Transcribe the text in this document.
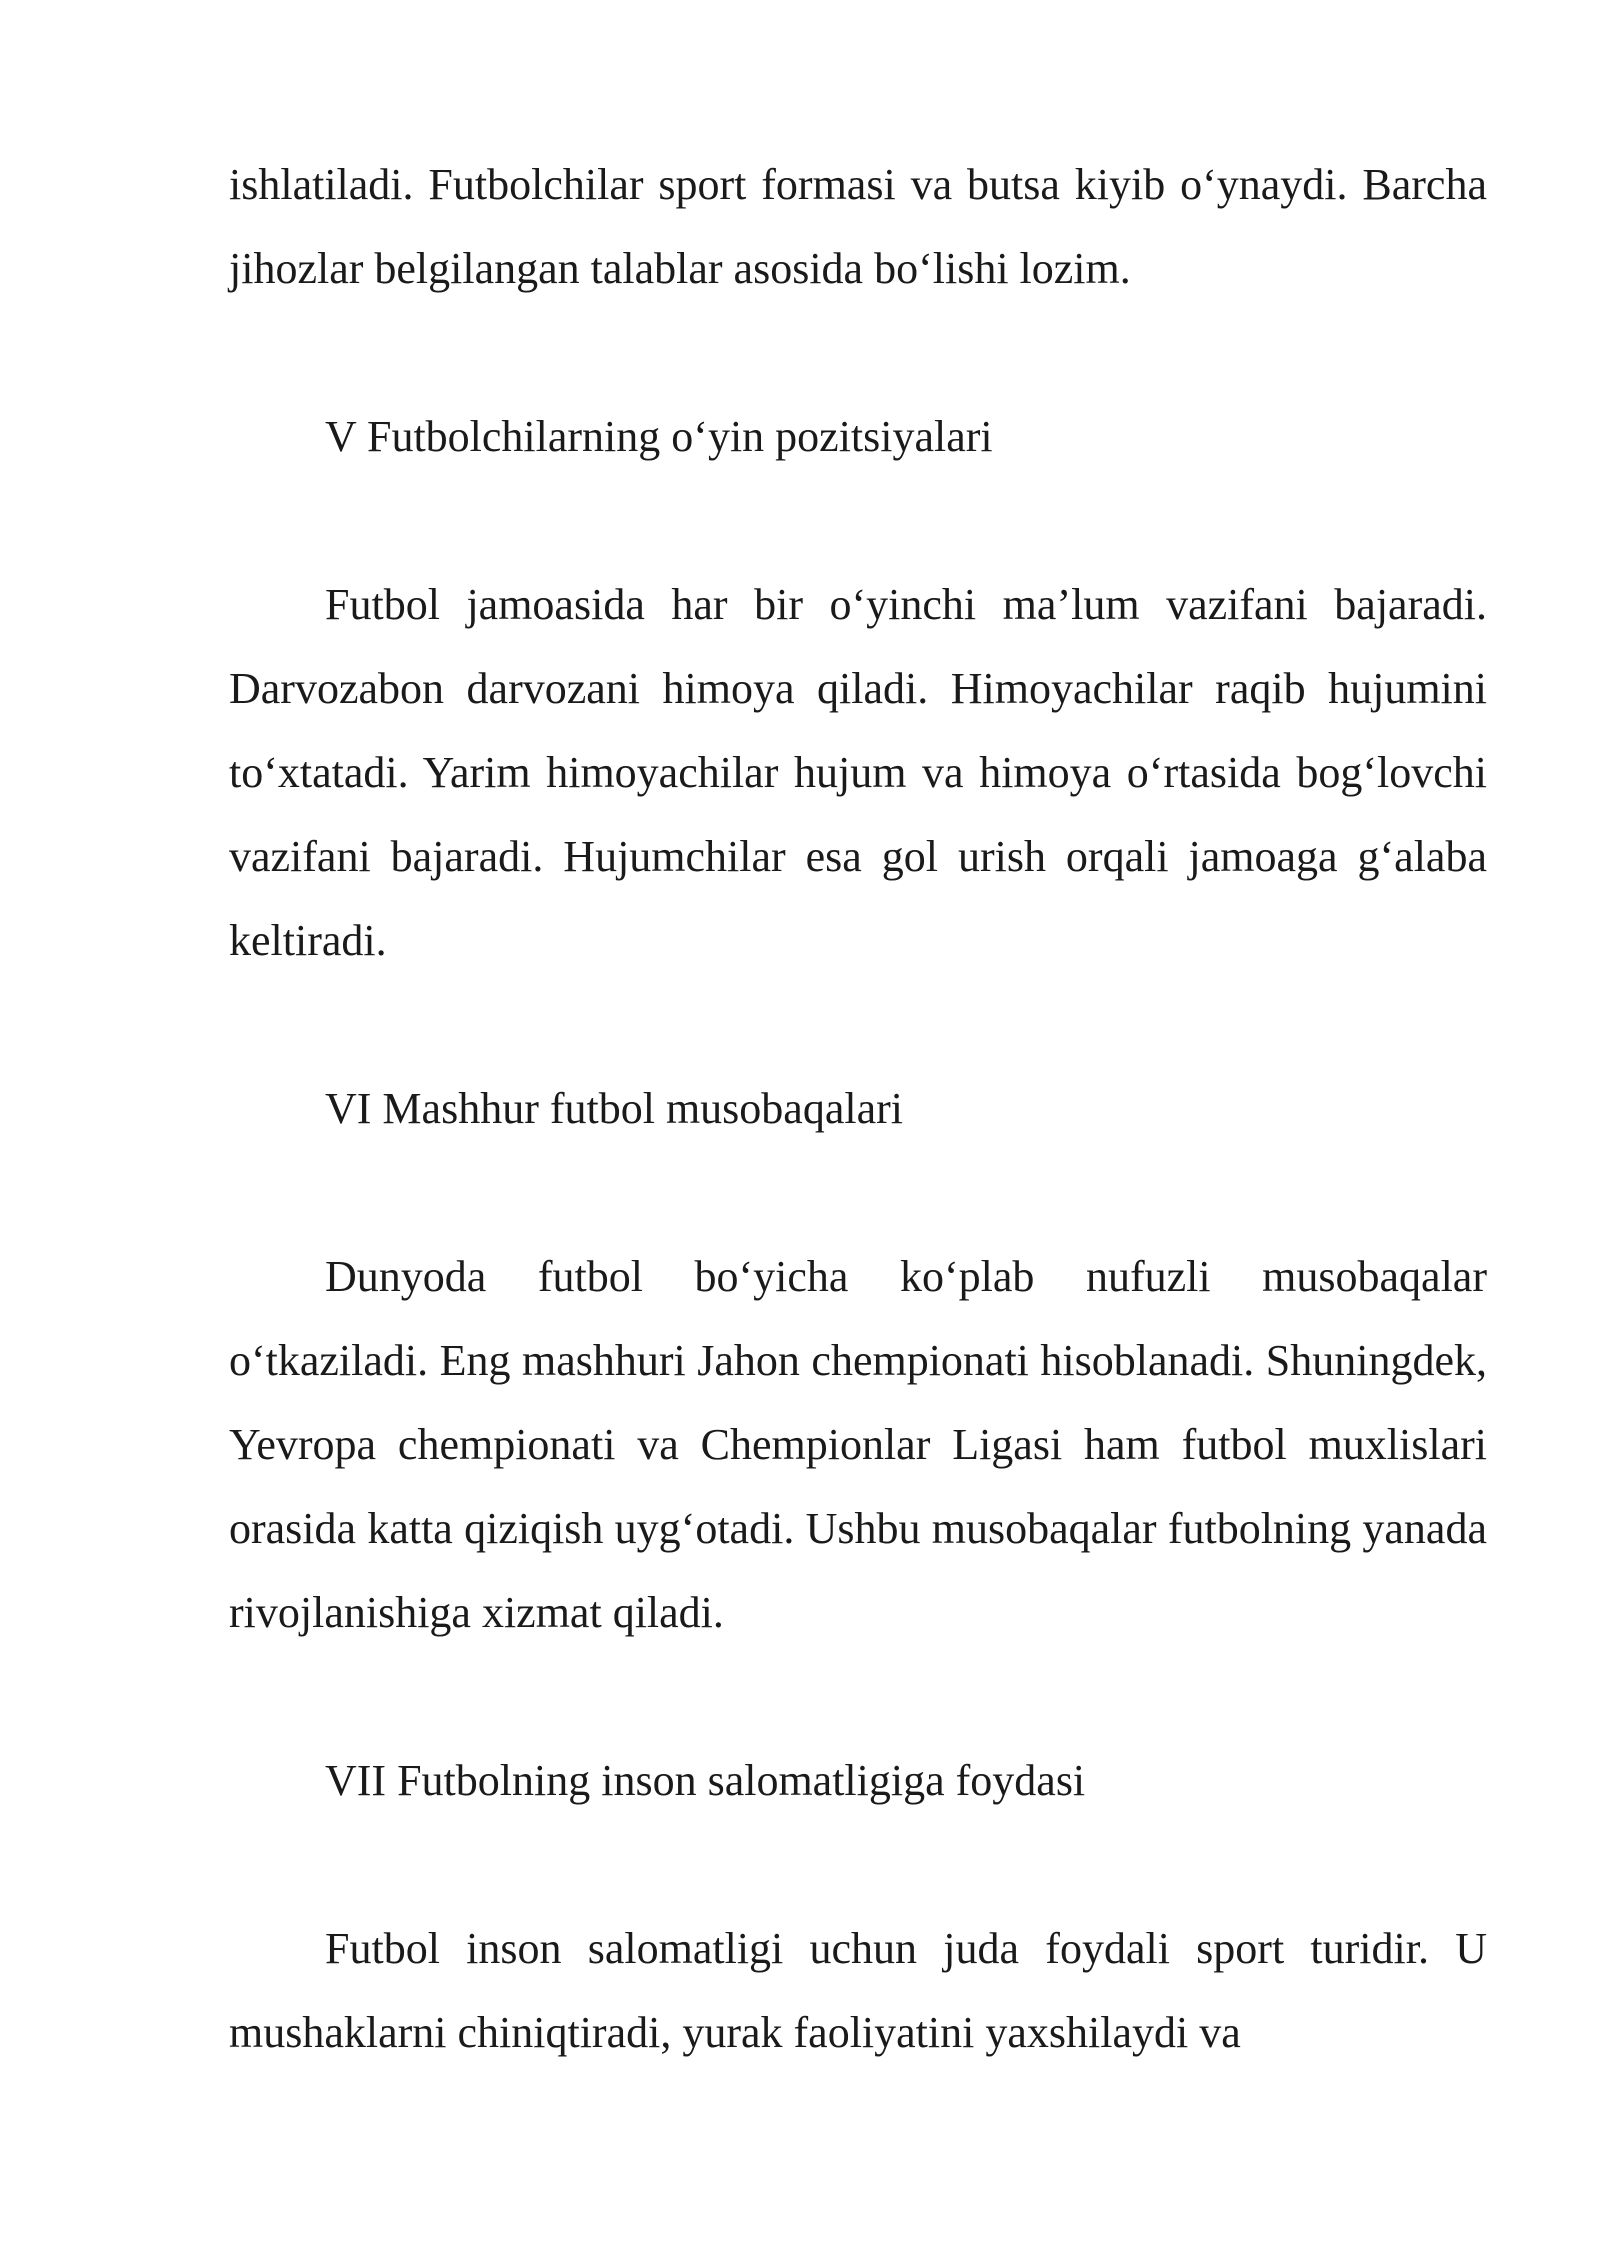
ishlatiladi. Futbolchilar sport formasi va butsa kiyib o‘ynaydi. Barcha jihozlar belgilangan talablar asosida bo‘lishi lozim.

V Futbolchilarning o‘yin pozitsiyalari

Futbol jamoasida har bir o‘yinchi ma’lum vazifani bajaradi. Darvozabon darvozani himoya qiladi. Himoyachilar raqib hujumini to‘xtatadi. Yarim himoyachilar hujum va himoya o‘rtasida bog‘lovchi vazifani bajaradi. Hujumchilar esa gol urish orqali jamoaga g‘alaba keltiradi.

VI Mashhur futbol musobaqalari

Dunyoda futbol bo‘yicha ko‘plab nufuzli musobaqalar o‘tkaziladi. Eng mashhuri Jahon chempionati hisoblanadi. Shuningdek, Yevropa chempionati va Chempionlar Ligasi ham futbol muxlislari orasida katta qiziqish uyg‘otadi. Ushbu musobaqalar futbolning yanada rivojlanishiga xizmat qiladi.

VII Futbolning inson salomatligiga foydasi

Futbol inson salomatligi uchun juda foydali sport turidir. U mushaklarni chiniqtiradi, yurak faoliyatini yaxshilaydi va
